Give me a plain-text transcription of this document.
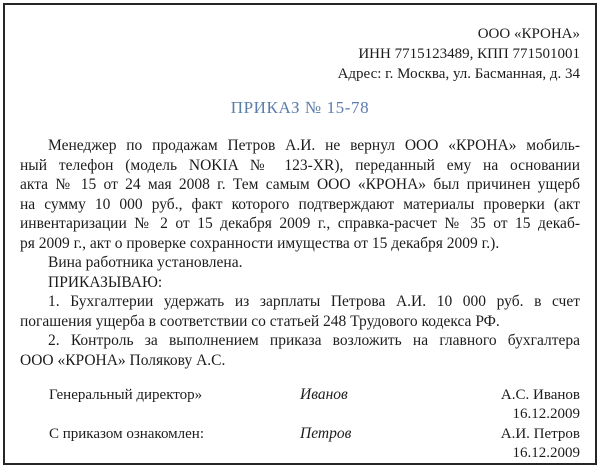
ООО «КРОНА»
ИНН 7715123489, КПП 771501001
Адрес: г. Москва, ул. Басманная, д. 34
ПРИКАЗ № 15-78
Менеджер по продажам Петров А.И. не вернул ООО «КРОНА» мобиль-
ный телефон (модель NOKIA № 123-XR), переданный ему на основании
акта № 15 от 24 мая 2008 г. Тем самым ООО «КРОНА» был причинен ущерб
на сумму 10 000 руб., факт которого подтверждают материалы проверки (акт
инвентаризации № 2 от 15 декабря 2009 г., справка-расчет № 35 от 15 декаб-
ря 2009 г., акт о проверке сохранности имущества от 15 декабря 2009 г.).
Вина работника установлена.
ПРИКАЗЫВАЮ:
1. Бухгалтерии удержать из зарплаты Петрова А.И. 10 000 руб. в счет
погашения ущерба в соответствии со статьей 248 Трудового кодекса РФ.
2. Контроль за выполнением приказа возложить на главного бухгалтера
ООО «КРОНА» Полякову А.С.
Генеральный директор»	Иванов	А.С. Иванов
16.12.2009
С приказом ознакомлен:	Петров	А.И. Петров
16.12.2009
